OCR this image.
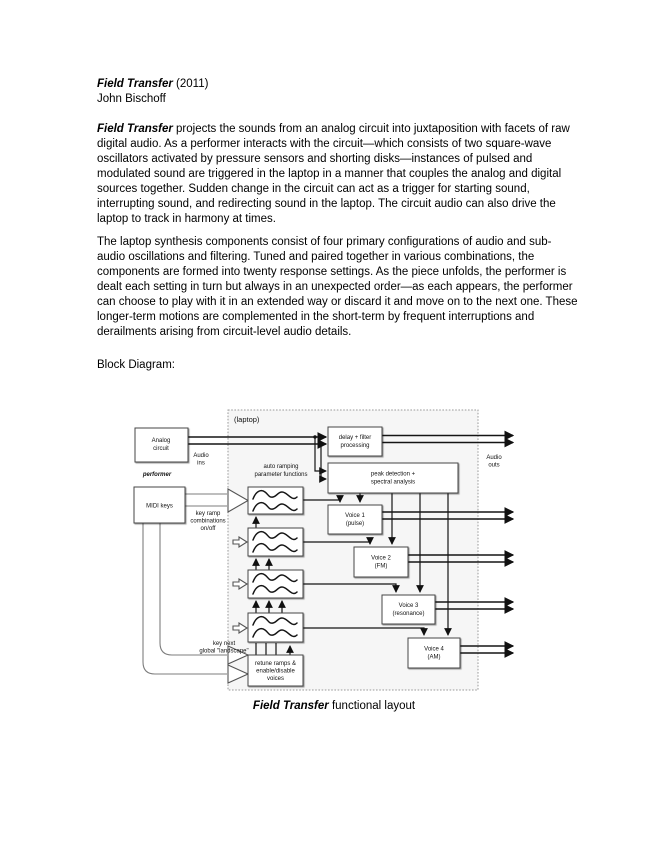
Field Transfer (2011)

John Bischoff

Field Transfer projects the sounds from an analog circuit into juxtaposition with facets of raw digital audio. As a performer interacts with the circuit—which consists of two square-wave oscillators activated by pressure sensors and shorting disks—instances of pulsed and modulated sound are triggered in the laptop in a manner that couples the analog and digital sources together. Sudden change in the circuit can act as a trigger for starting sound, interrupting sound, and redirecting sound in the laptop. The circuit audio can also drive the laptop to track in harmony at times.

The laptop synthesis components consist of four primary configurations of audio and sub-audio oscillations and filtering. Tuned and paired together in various combinations, the components are formed into twenty response settings. As the piece unfolds, the performer is dealt each setting in turn but always in an unexpected order—as each appears, the performer can choose to play with it in an extended way or discard it and move on to the next one. These longer-term motions are complemented in the short-term by frequent interruptions and derailments arising from circuit-level audio details.

Block Diagram:

(laptop)
Analog
circuit
Audio
ins
performer
MIDI keys
key ramp
combinations
on/off
key next
global "landscape"
auto ramping
parameter functions
delay + filter
processing
peak detection +
spectral analysis
Voice 1
(pulse)
Voice 2
(FM)
Voice 3
(resonance)
Voice 4
(AM)
retune ramps &
enable/disable
voices
Audio
outs
Field Transfer functional layout
